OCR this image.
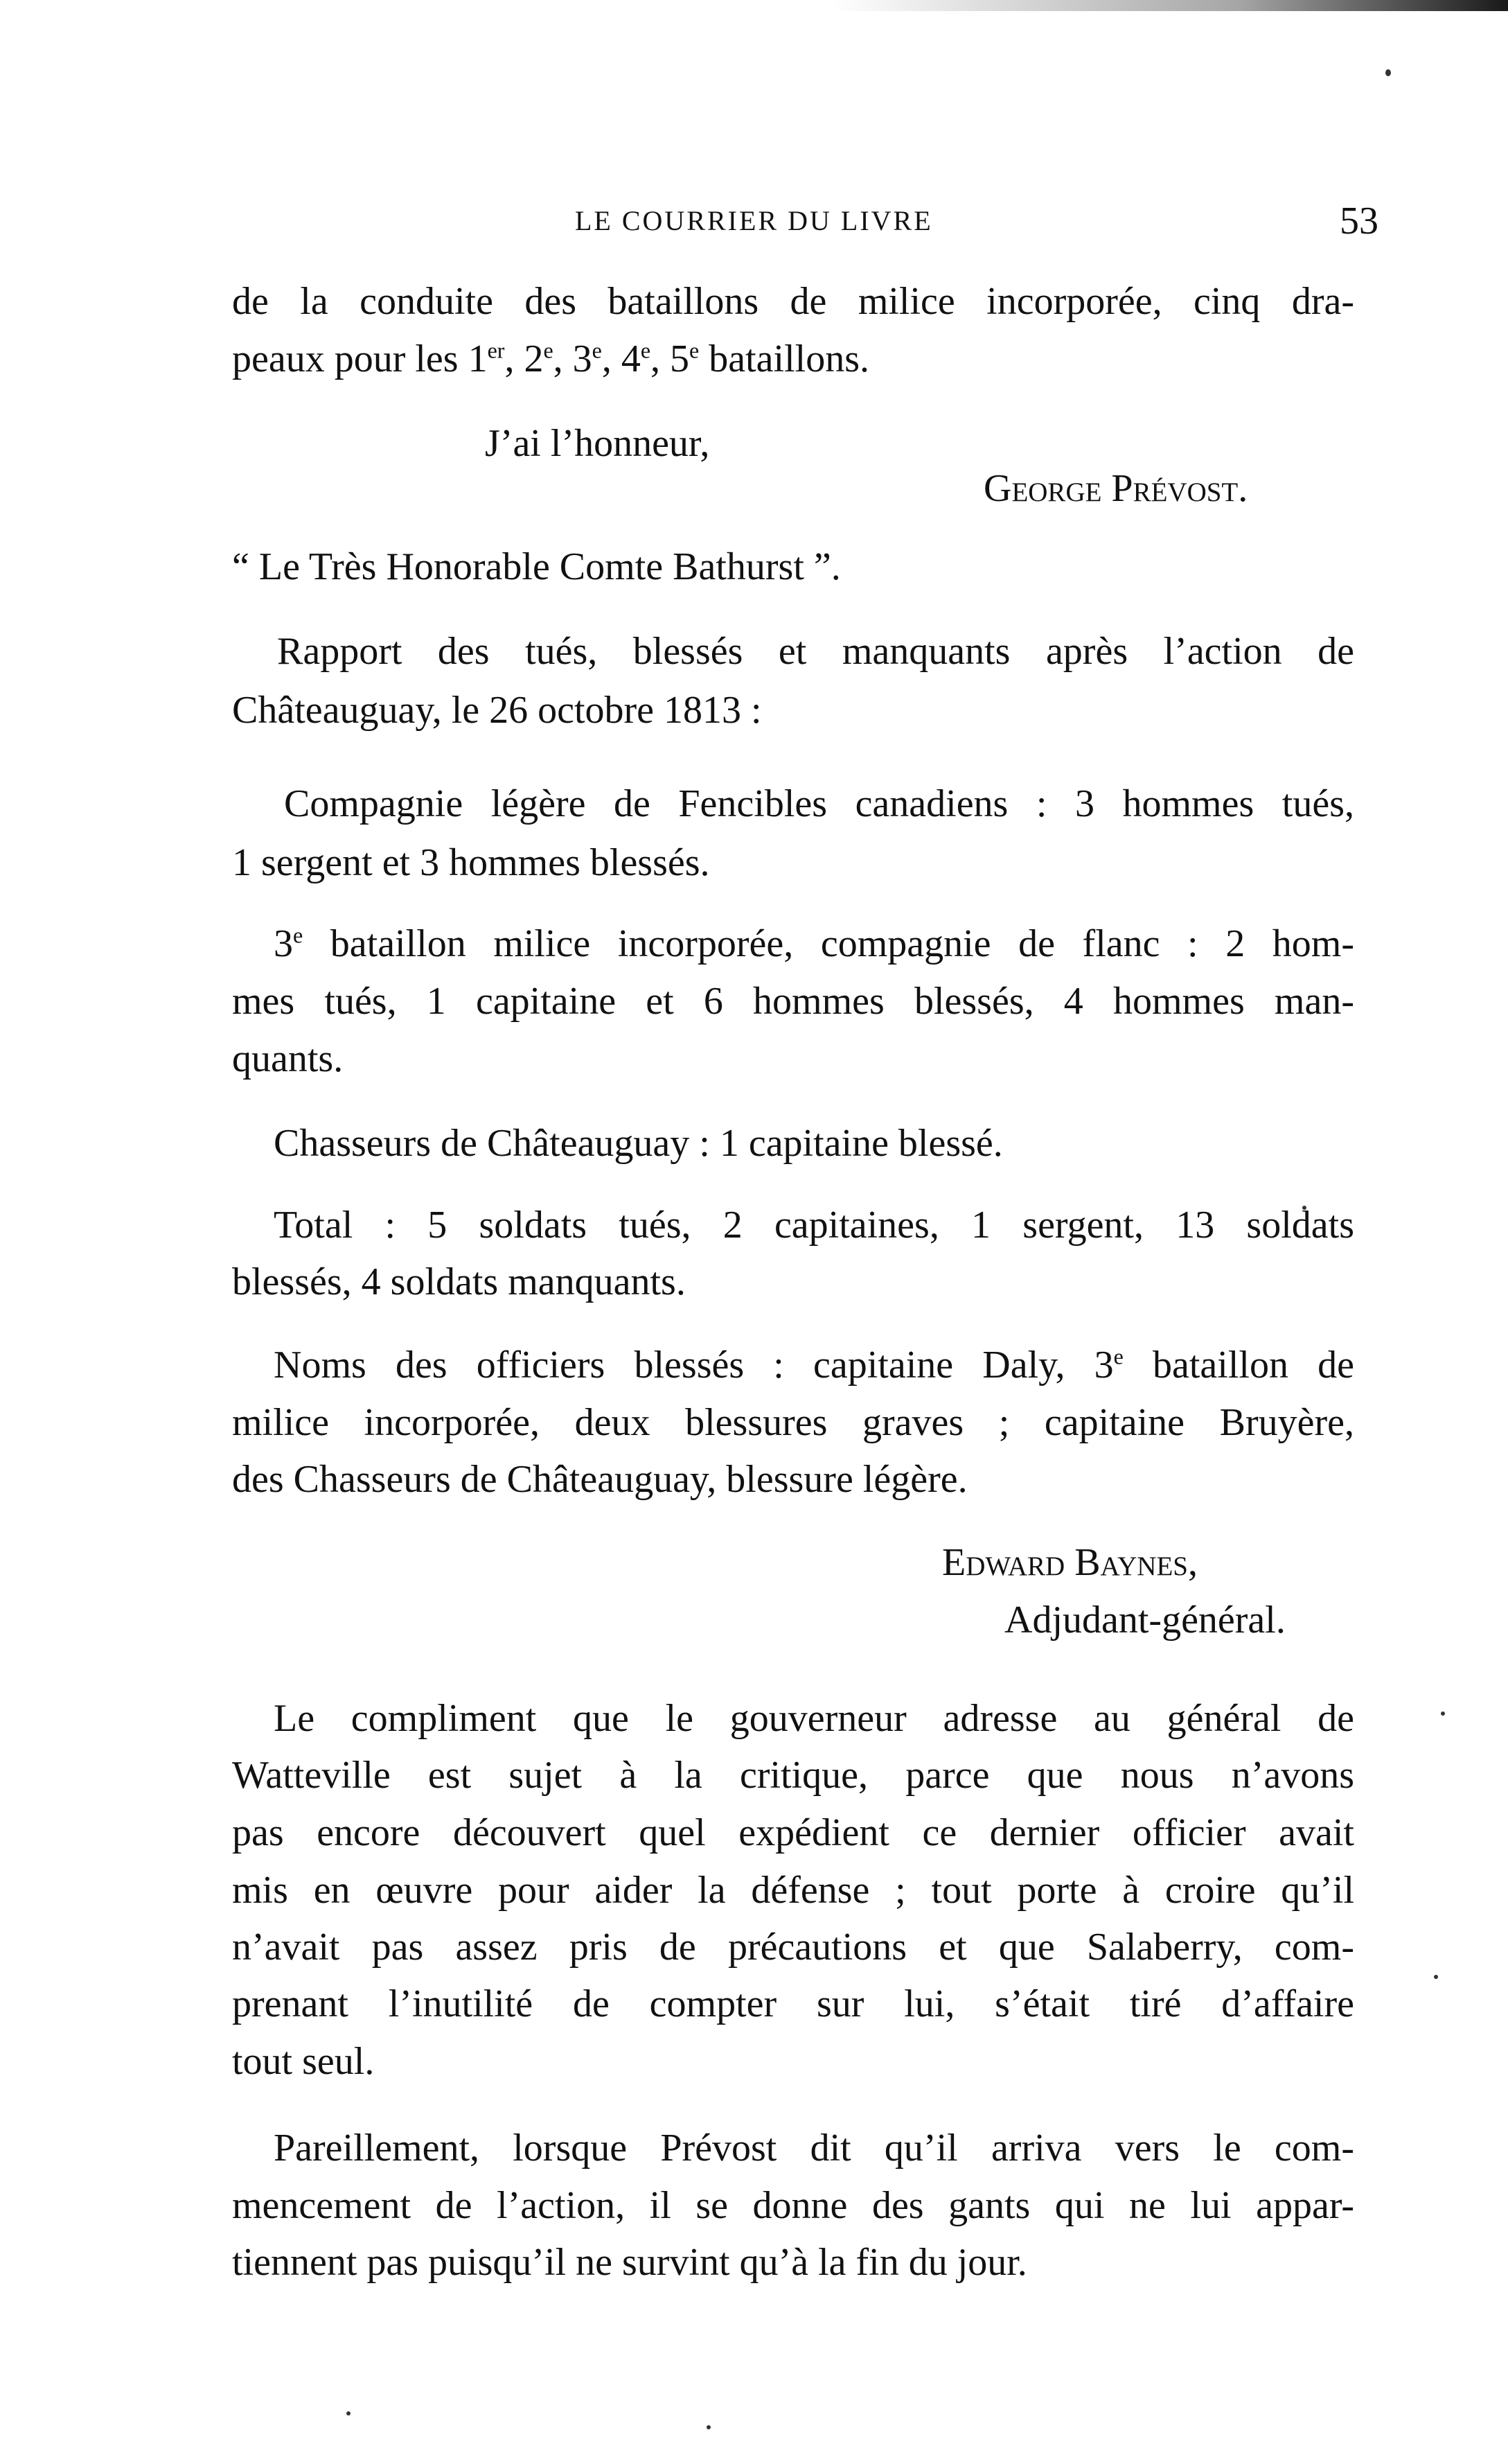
LE COURRIER DU LIVRE	53
de la conduite des bataillons de milice incorporée, cinq dra-
peaux pour les 1er, 2e, 3e, 4e, 5e bataillons.
J’ai l’honneur,
George Prévost.
“ Le Très Honorable Comte Bathurst ”.
Rapport des tués, blessés et manquants après l’action de
Châteauguay, le 26 octobre 1813 :
Compagnie légère de Fencibles canadiens : 3 hommes tués,
1 sergent et 3 hommes blessés.
3e bataillon milice incorporée, compagnie de flanc : 2 hom-
mes tués, 1 capitaine et 6 hommes blessés, 4 hommes man-
quants.
Chasseurs de Châteauguay : 1 capitaine blessé.
Total : 5 soldats tués, 2 capitaines, 1 sergent, 13 soldats
blessés, 4 soldats manquants.
Noms des officiers blessés : capitaine Daly, 3e bataillon de
milice incorporée, deux blessures graves ; capitaine Bruyère,
des Chasseurs de Châteauguay, blessure légère.
Edward Baynes,
Adjudant-général.
Le compliment que le gouverneur adresse au général de
Watteville est sujet à la critique, parce que nous n’avons
pas encore découvert quel expédient ce dernier officier avait
mis en œuvre pour aider la défense ; tout porte à croire qu’il
n’avait pas assez pris de précautions et que Salaberry, com-
prenant l’inutilité de compter sur lui, s’était tiré d’affaire
tout seul.
Pareillement, lorsque Prévost dit qu’il arriva vers le com-
mencement de l’action, il se donne des gants qui ne lui appar-
tiennent pas puisqu’il ne survint qu’à la fin du jour.
